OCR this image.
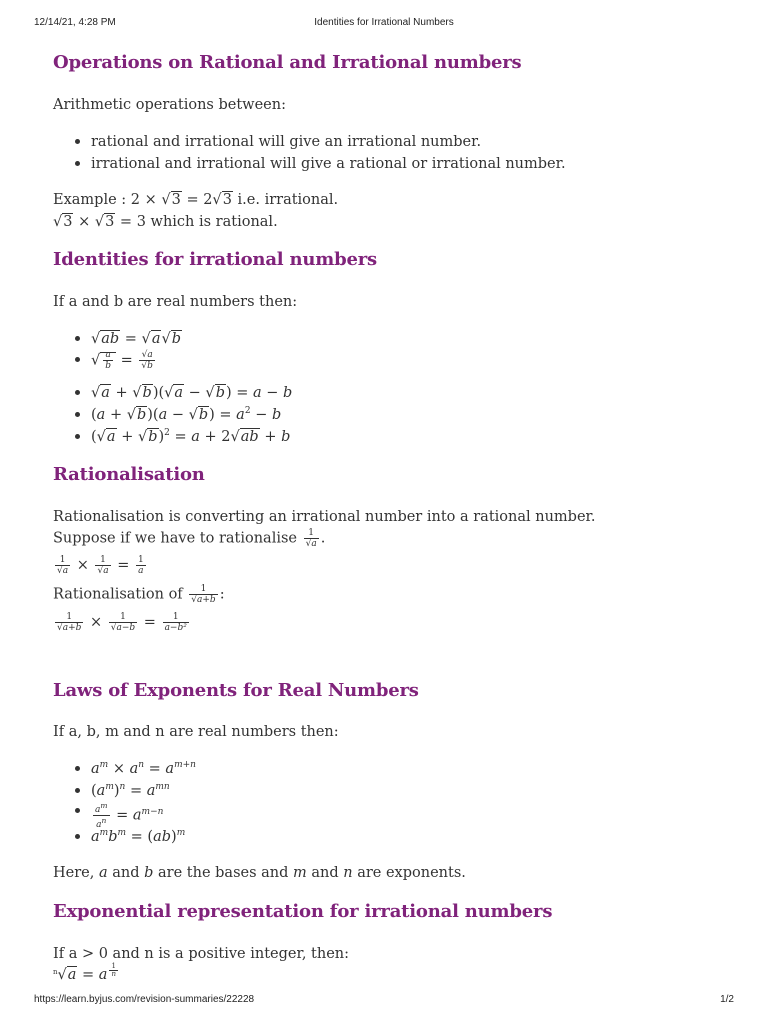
12/14/21, 4:28 PM	Identities for Irrational Numbers
Operations on Rational and Irrational numbers

Arithmetic operations between:

rational and irrational will give an irrational number.
irrational and irrational will give a rational or irrational number.

Example : 2 × √3 = 2√3 i.e. irrational.

√3 × √3 = 3 which is rational.

Identities for irrational numbers

If a and b are real numbers then:

√ab = √a√b
√ $\frac{a}{b} = \frac{√a}{√b}$
√a + √b)(√a − √b) = a − b
$(a + √b)(a - √b) = a^2 - b$
$(√a + √b)^2 = a + 2√ab + b$
Rationalisation

Rationalisation is converting an irrational number into a rational number.

Suppose if we have to rationalise $\frac{1}{√a}$ .

$\frac{1}{√a} \times \frac{1}{√a} = \frac{1}{a}$

Rationalisation of $\frac{1}{√a+b}$ :

$\frac{1}{√a+b} \times \frac{1}{√a-b} = \frac{1}{\text{a−b²}}$

Laws of Exponents for Real Numbers

If a, b, m and n are real numbers then:

$a^m \times a^n = a^{m+n}$
$(a^m)^n = a^{mn}$
$\frac{a^m}{a^n} = a^{m-n}$
$a^mb^m = (ab)^m$

Here, a and b are the bases and m and n are exponents.

Exponential representation for irrational numbers

If a > 0 and n is a positive integer, then:

$^n$√a = a $^{\frac{1}{n}}$

https://learn.byjus.com/revision-summaries/22228	1/2
